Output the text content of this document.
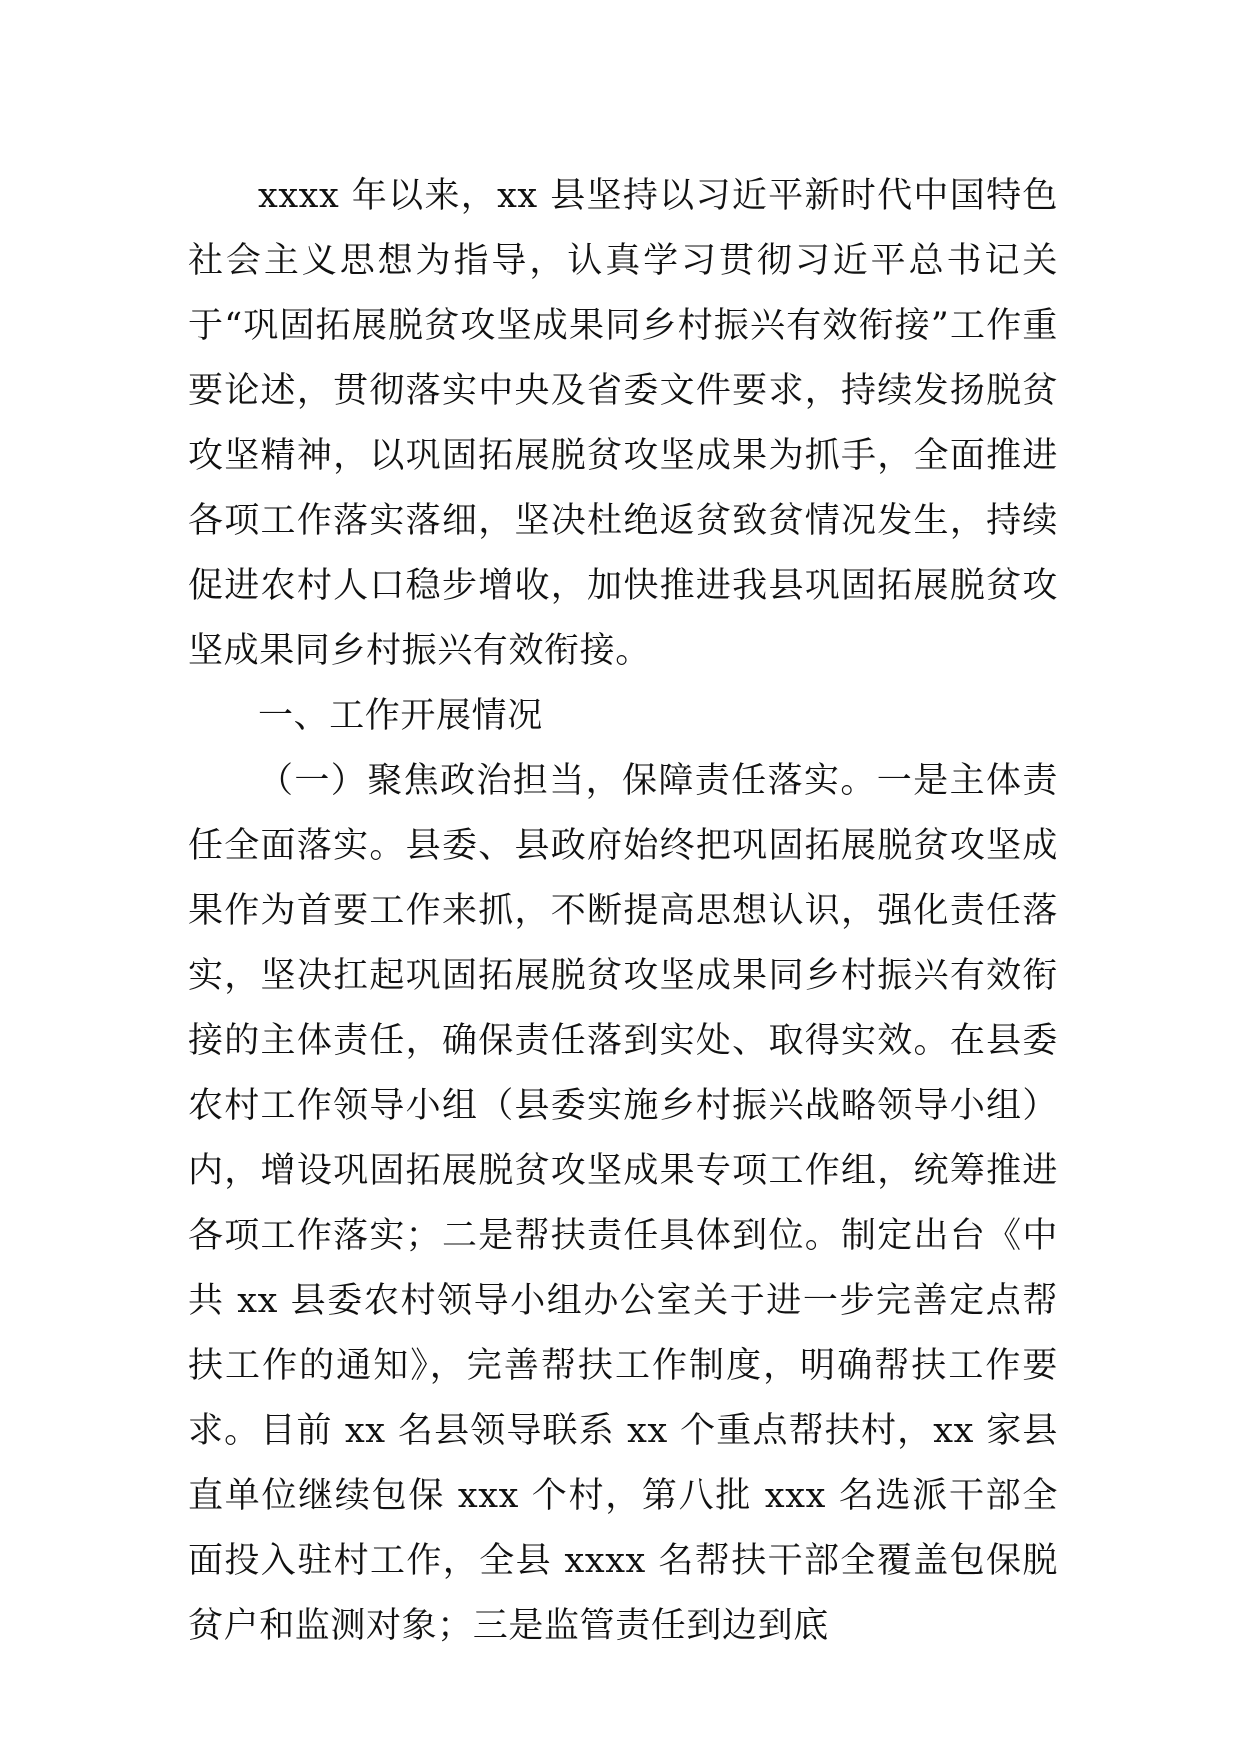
xxxx 年以来，xx 县坚持以习近平新时代中国特色社会主义思想为指导，认真学习贯彻习近平总书记关于“巩固拓展脱贫攻坚成果同乡村振兴有效衔接”工作重要论述，贯彻落实中央及省委文件要求，持续发扬脱贫攻坚精神，以巩固拓展脱贫攻坚成果为抓手，全面推进各项工作落实落细，坚决杜绝返贫致贫情况发生，持续促进农村人口稳步增收，加快推进我县巩固拓展脱贫攻坚成果同乡村振兴有效衔接。

一、工作开展情况

（一）聚焦政治担当，保障责任落实。一是主体责任全面落实。县委、县政府始终把巩固拓展脱贫攻坚成果作为首要工作来抓，不断提高思想认识，强化责任落实，坚决扛起巩固拓展脱贫攻坚成果同乡村振兴有效衔接的主体责任，确保责任落到实处、取得实效。在县委农村工作领导小组（县委实施乡村振兴战略领导小组）内，增设巩固拓展脱贫攻坚成果专项工作组，统筹推进各项工作落实；二是帮扶责任具体到位。制定出台《中共 xx 县委农村领导小组办公室关于进一步完善定点帮扶工作的通知》，完善帮扶工作制度，明确帮扶工作要求。目前 xx 名县领导联系 xx 个重点帮扶村，xx 家县直单位继续包保 xxx 个村，第八批 xxx 名选派干部全面投入驻村工作，全县 xxxx 名帮扶干部全覆盖包保脱贫户和监测对象；三是监管责任到边到底
